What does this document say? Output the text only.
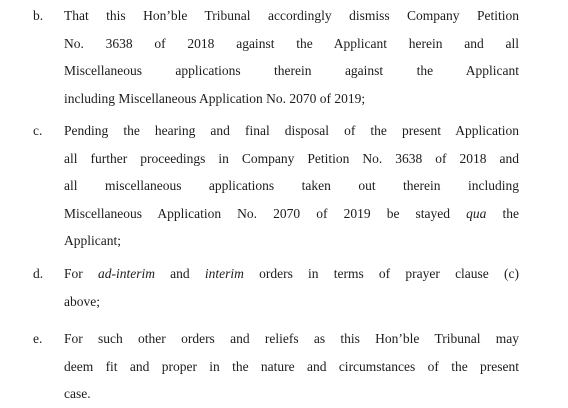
b. That this Hon’ble Tribunal accordingly dismiss Company Petition
No. 3638 of 2018 against the Applicant herein and all
Miscellaneous applications therein against the Applicant
including Miscellaneous Application No. 2070 of 2019;
c. Pending the hearing and final disposal of the present Application
all further proceedings in Company Petition No. 3638 of 2018 and
all miscellaneous applications taken out therein including
Miscellaneous Application No. 2070 of 2019 be stayed qua the
Applicant;
d. For ad-interim and interim orders in terms of prayer clause (c)
above;
e. For such other orders and reliefs as this Hon’ble Tribunal may
deem fit and proper in the nature and circumstances of the present
case.
